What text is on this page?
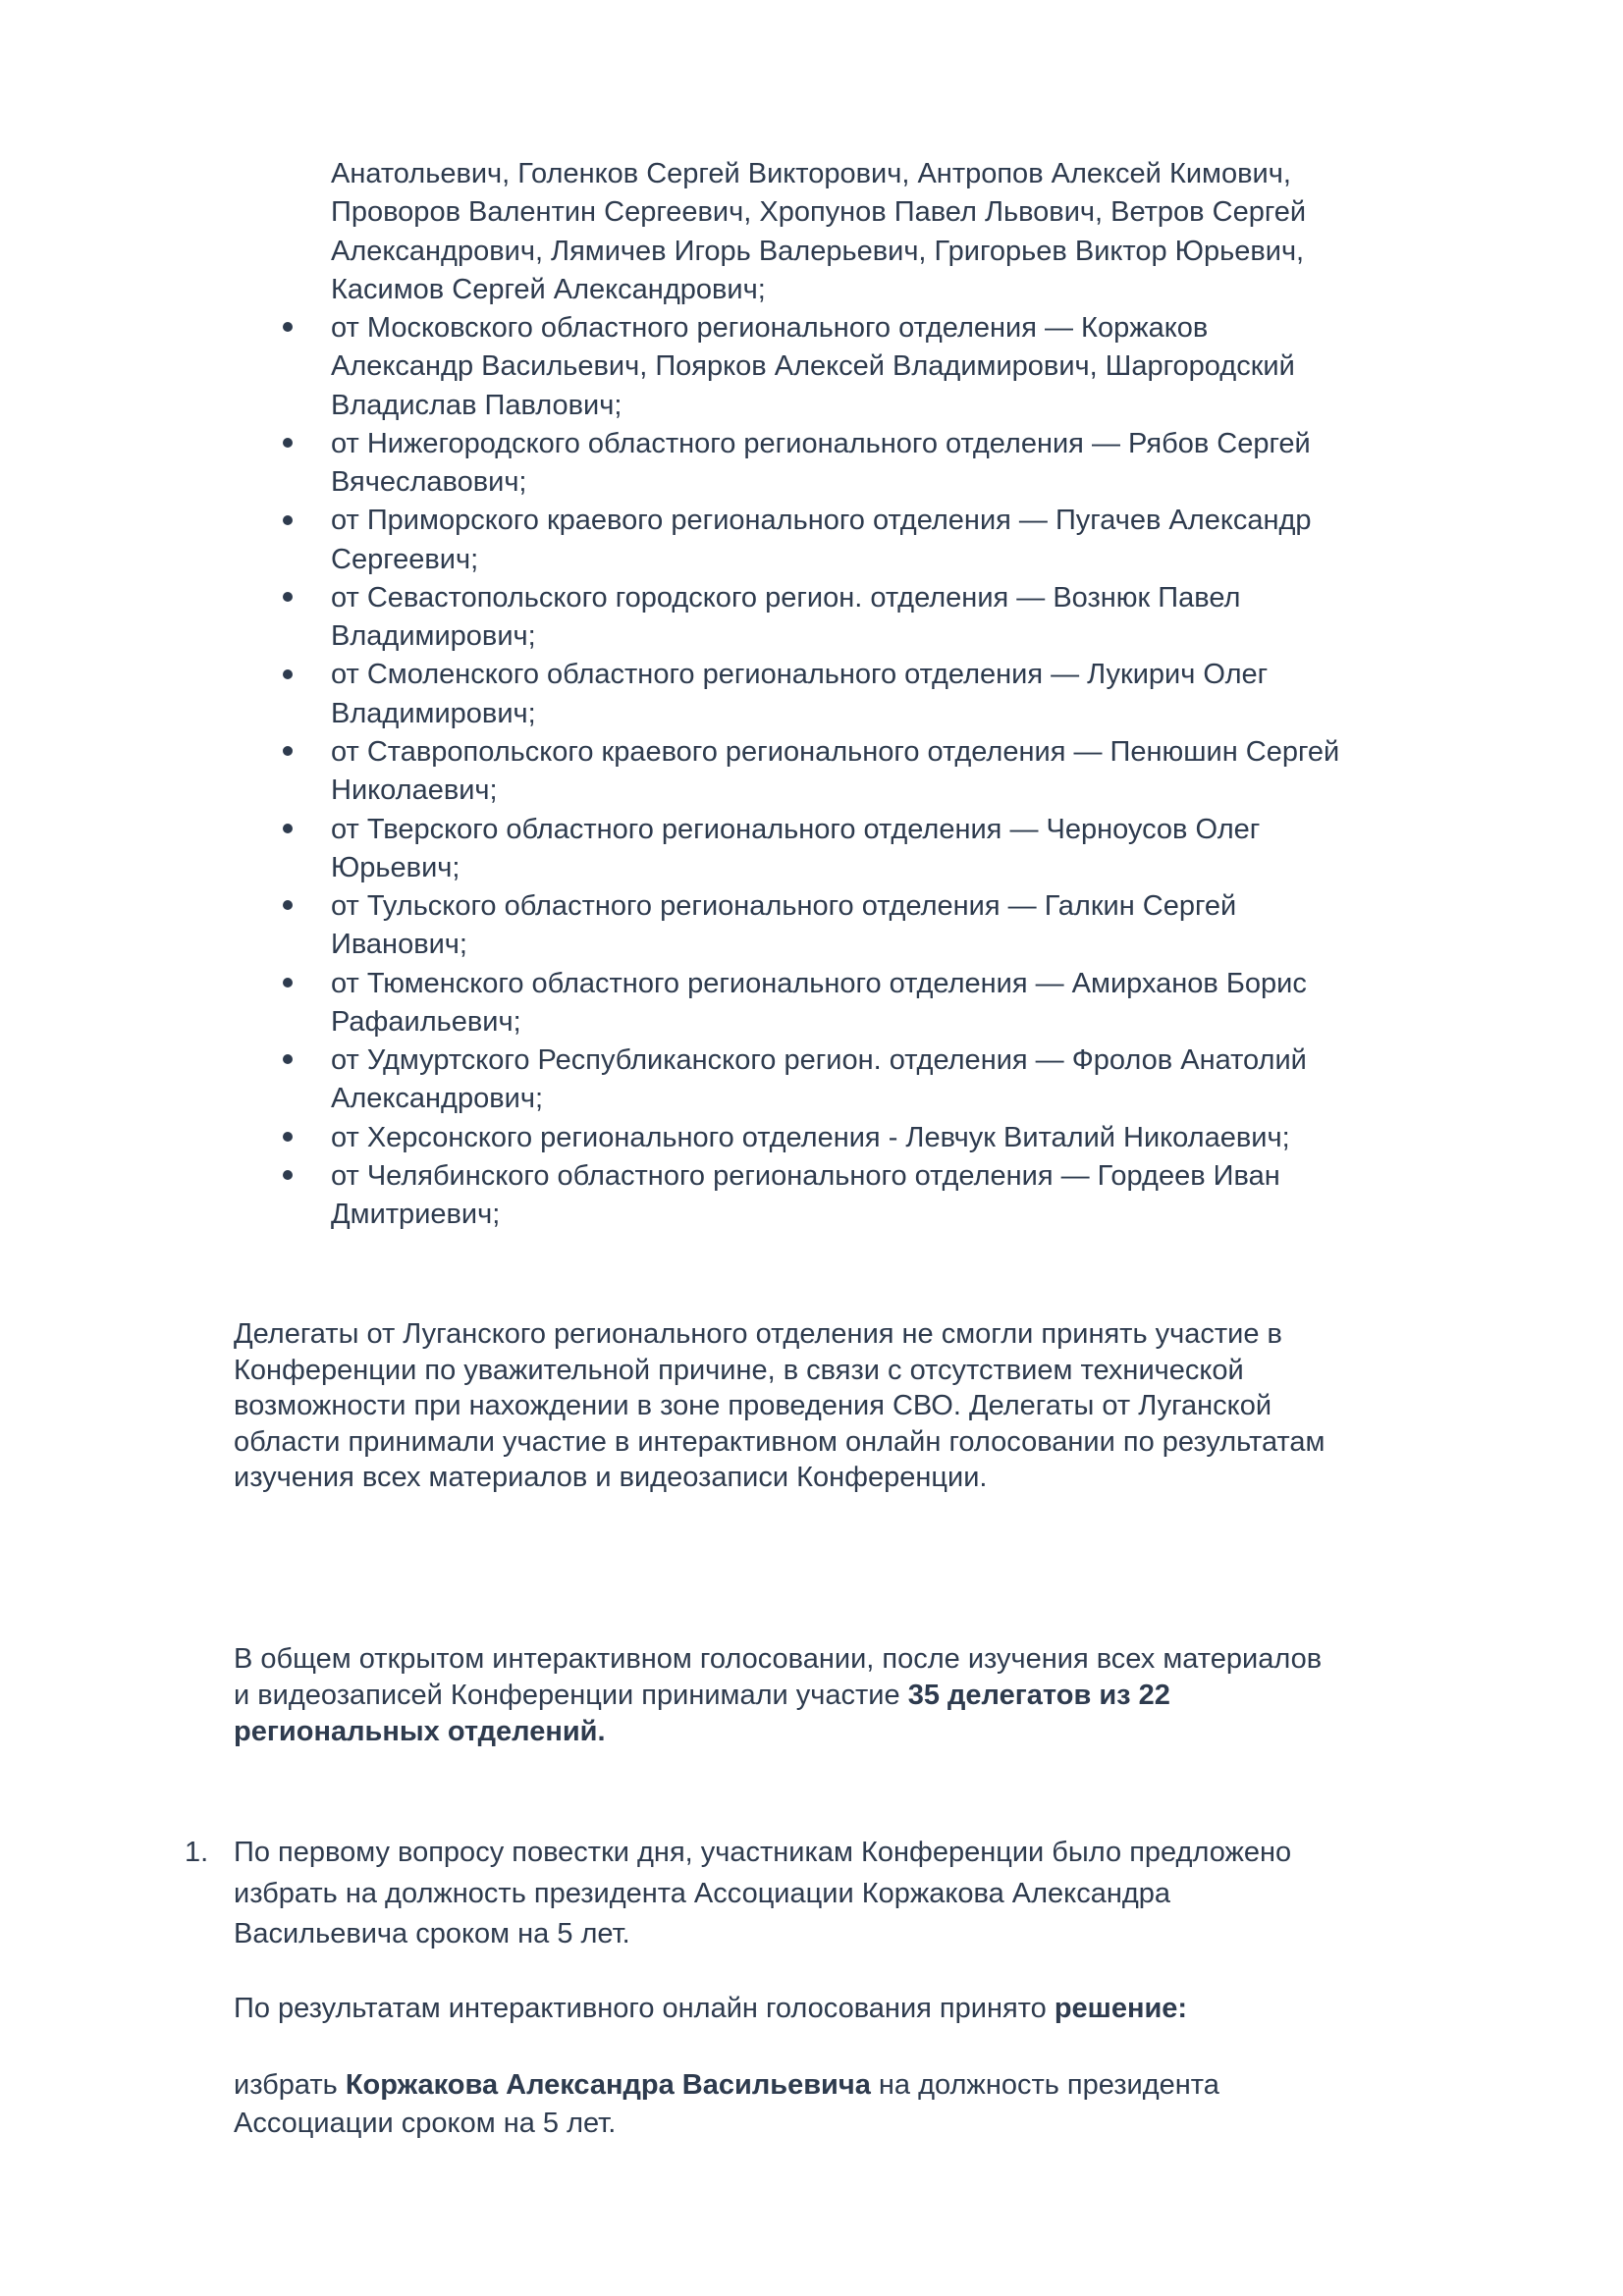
Анатольевич, Голенков Сергей Викторович, Антропов Алексей Кимович,
Проворов Валентин Сергеевич, Хропунов Павел Львович, Ветров Сергей
Александрович, Лямичев Игорь Валерьевич, Григорьев Виктор Юрьевич,
Касимов Сергей Александрович;
от Московского областного регионального отделения — Коржаков
Александр Васильевич, Поярков Алексей Владимирович, Шаргородский
Владислав Павлович;
от Нижегородского областного регионального отделения — Рябов Сергей
Вячеславович;
от Приморского краевого регионального отделения — Пугачев Александр
Сергеевич;
от Севастопольского городского регион. отделения — Вознюк Павел
Владимирович;
от Смоленского областного регионального отделения — Лукирич Олег
Владимирович;
от Ставропольского краевого регионального отделения — Пенюшин Сергей
Николаевич;
от Тверского областного регионального отделения — Черноусов Олег
Юрьевич;
от Тульского областного регионального отделения — Галкин Сергей
Иванович;
от Тюменского областного регионального отделения — Амирханов Борис
Рафаильевич;
от Удмуртского Республиканского регион. отделения — Фролов Анатолий
Александрович;
от Херсонского регионального отделения - Левчук Виталий Николаевич;
от Челябинского областного регионального отделения — Гордеев Иван
Дмитриевич;
Делегаты от Луганского регионального отделения не смогли принять участие в
Конференции по уважительной причине, в связи с отсутствием технической
возможности при нахождении в зоне проведения СВО. Делегаты от Луганской
области принимали участие в интерактивном онлайн голосовании по результатам
изучения всех материалов и видеозаписи Конференции.
В общем открытом интерактивном голосовании, после изучения всех материалов
и видеозаписей Конференции принимали участие 35 делегатов из 22
региональных отделений.
1. По первому вопросу повестки дня, участникам Конференции было предложено
избрать на должность президента Ассоциации Коржакова Александра
Васильевича сроком на 5 лет.
По результатам интерактивного онлайн голосования принято решение:
избрать Коржакова Александра Васильевича на должность президента
Ассоциации сроком на 5 лет.
